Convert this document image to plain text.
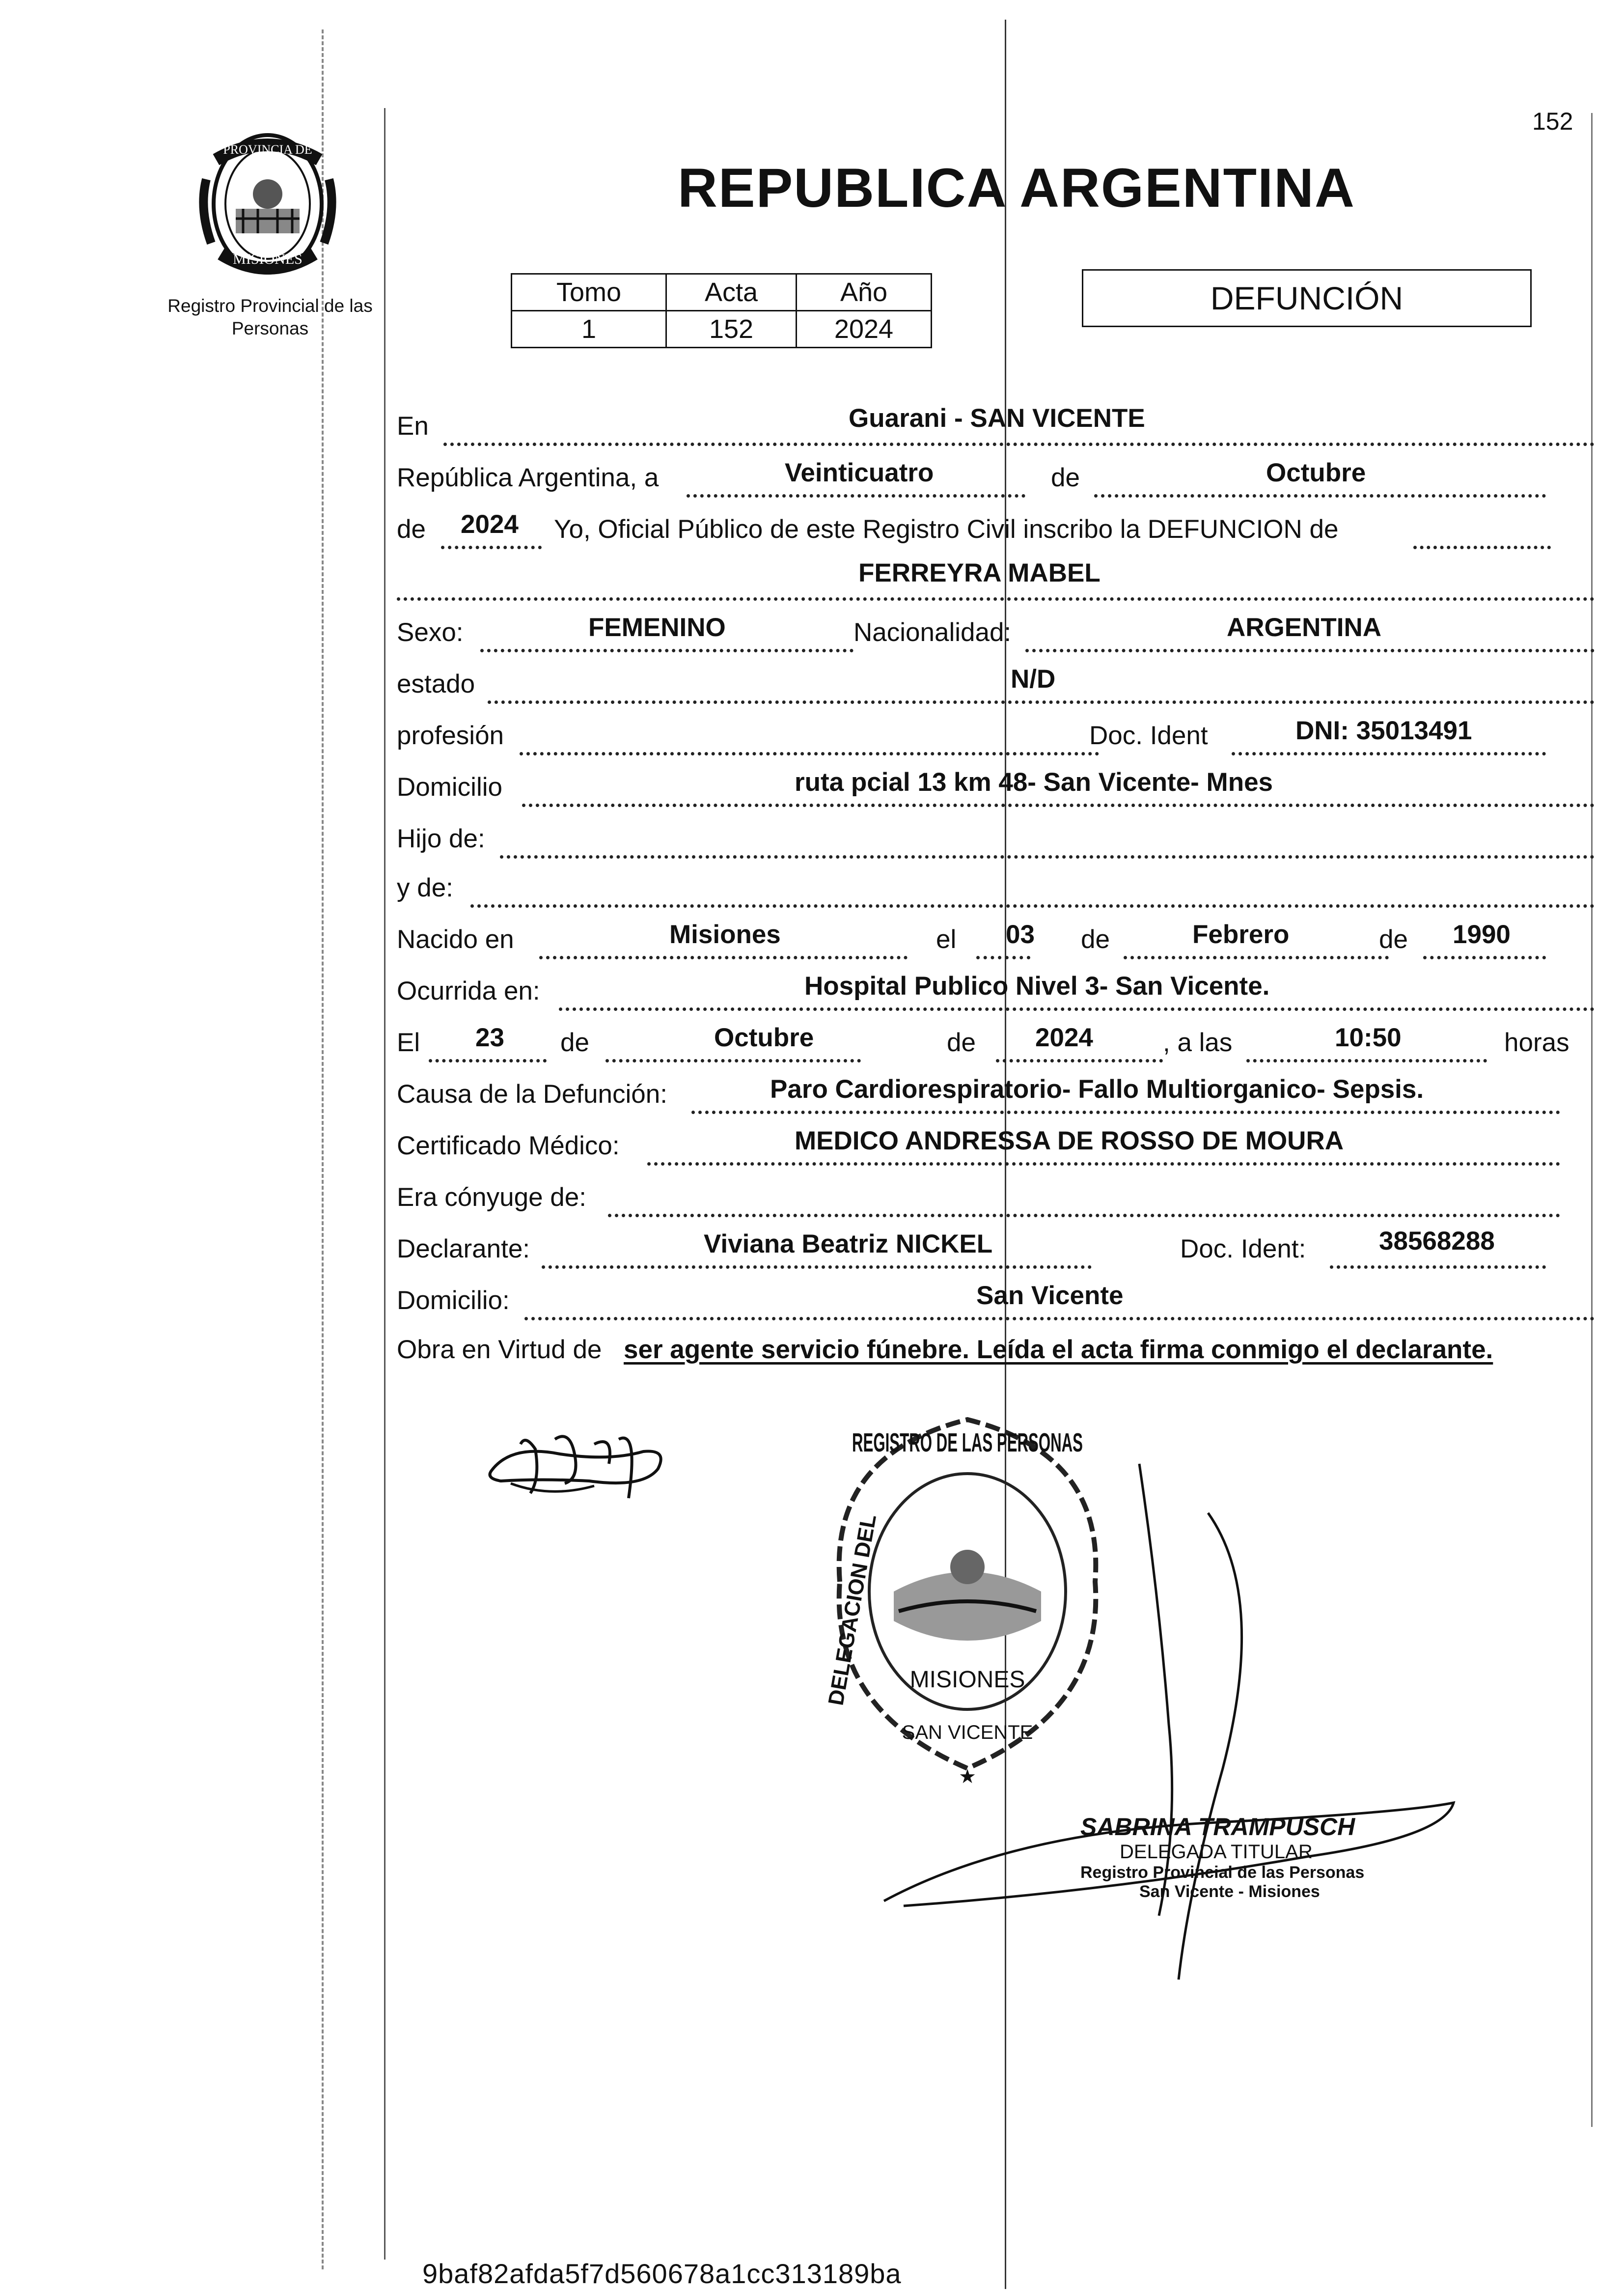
152
PROVINCIA DE
MISIONES
Registro Provincial de las Personas
REPUBLICA ARGENTINA
Tomo	Acta	Año
1	152	2024
DEFUNCIÓN
En	Guarani - SAN VICENTE
República Argentina, a	Veinticuatro	de	Octubre
de 2024 Yo, Oficial Público de este Registro Civil inscribo la DEFUNCION de
FERREYRA MABEL
Sexo:	FEMENINO	Nacionalidad:	ARGENTINA
estado	N/D
profesión	Doc. Ident	DNI: 35013491
Domicilio	ruta pcial 13 km 48- San Vicente- Mnes
Hijo de:
y de:
Nacido en	Misiones	el 03 de	Febrero	de 1990
Ocurrida en:	Hospital Publico Nivel 3- San Vicente.
El 23 de	Octubre	de 2024	, a las	10:50	horas
Causa de la Defunción:	Paro Cardiorespiratorio- Fallo Multiorganico- Sepsis.
Certificado Médico:	MEDICO ANDRESSA DE ROSSO DE MOURA
Era cónyuge de:
Declarante:	Viviana Beatriz NICKEL	Doc. Ident:	38568288
Domicilio:	San Vicente
Obra en Virtud de ser agente servicio fúnebre. Leída el acta firma conmigo el declarante.
REGISTRO DE LAS PERSONAS
DELEGACION DEL MISIONES
SAN VICENTE
★
SABRINA TRAMPUSCH
DELEGADA TITULAR
Registro Provincial de las Personas
San Vicente - Misiones
9baf82afda5f7d560678a1cc313189ba
